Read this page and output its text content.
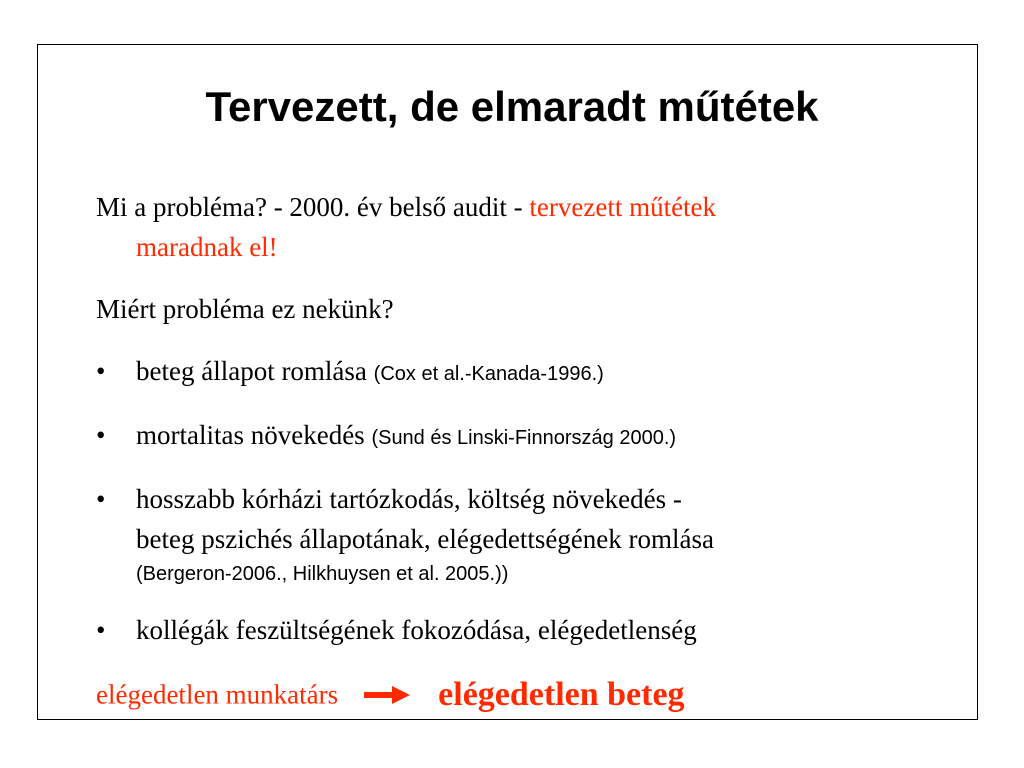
Tervezett, de elmaradt műtétek

Mi a probléma? - 2000. év belső audit - tervezett műtétek
maradnak el!

Miért probléma ez nekünk?

•	beteg állapot romlása (Cox et al.-Kanada-1996.)
•	mortalitas növekedés (Sund és Linski-Finnország 2000.)
•	hosszabb kórházi tartózkodás, költség növekedés -
beteg pszichés állapotának, elégedettségének romlása
(Bergeron-2006., Hilkhuysen et al. 2005.))
•	kollégák feszültségének fokozódása, elégedetlenség
elégedetlen munkatárs	elégedetlen beteg
